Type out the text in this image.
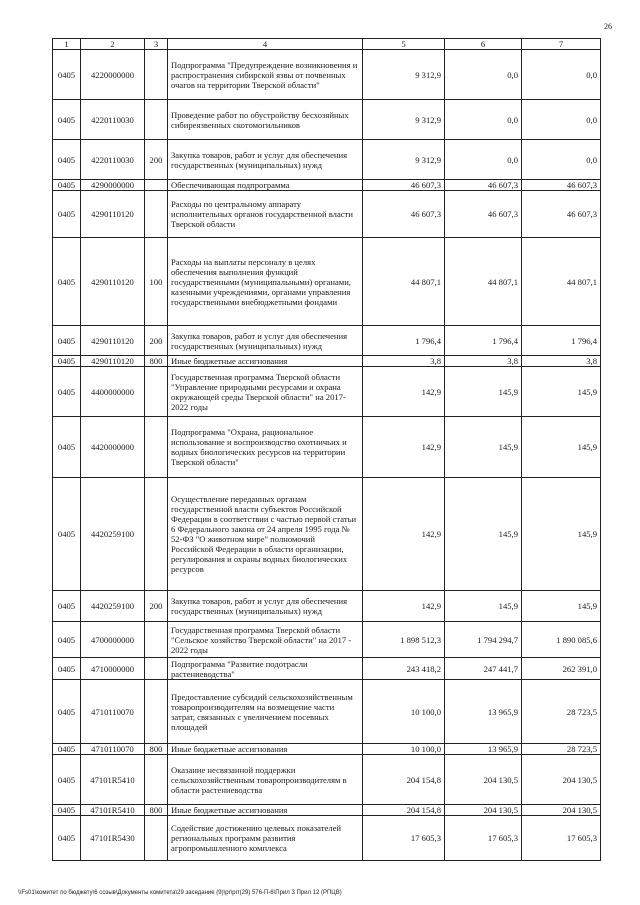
26
1	2	3	4	5	6	7
0405	4220000000		Подпрограмма "Предупреждение возникновения и распространения сибирской язвы от почвенных очагов на территории Тверской области"	9 312,9	0,0	0,0
0405	4220110030		Проведение работ по обустройству бесхозяйных сибиреязвенных скотомогильников	9 312,9	0,0	0,0
0405	4220110030	200	Закупка товаров, работ и услуг для обеспечения государственных (муниципальных) нужд	9 312,9	0,0	0,0
0405	4290000000		Обеспечивающая подпрограмма	46 607,3	46 607,3	46 607,3
0405	4290110120		Расходы по центральному аппарату исполнительных органов государственной власти Тверской области	46 607,3	46 607,3	46 607,3
0405	4290110120	100	Расходы на выплаты персоналу в целях обеспечения выполнения функций государственными (муниципальными) органами, казенными учреждениями, органами управления государственными внебюджетными фондами	44 807,1	44 807,1	44 807,1
0405	4290110120	200	Закупка товаров, работ и услуг для обеспечения государственных (муниципальных) нужд	1 796,4	1 796,4	1 796,4
0405	4290110120	800	Иные бюджетные ассигнования	3,8	3,8	3,8
0405	4400000000		Государственная программа Тверской области "Управление природными ресурсами и охрана окружающей среды Тверской области" на 2017-2022 годы	142,9	145,9	145,9
0405	4420000000		Подпрограмма "Охрана, рациональное использование и воспроизводство охотничьих и водных биологических ресурсов на территории Тверской области"	142,9	145,9	145,9
0405	4420259100		Осуществление переданных органам государственной власти субъектов Российской Федерации в соответствии с частью первой статьи 6 Федерального закона от 24 апреля 1995 года № 52-ФЗ "О животном мире" полномочий Российской Федерации в области организации, регулирования и охраны водных биологических ресурсов	142,9	145,9	145,9
0405	4420259100	200	Закупка товаров, работ и услуг для обеспечения государственных (муниципальных) нужд	142,9	145,9	145,9
0405	4700000000		Государственная программа Тверской области "Сельское хозяйство Тверской области" на 2017 - 2022 годы	1 898 512,3	1 794 294,7	1 890 085,6
0405	4710000000		Подпрограмма "Развитие подотрасли растениеводства"	243 418,2	247 441,7	262 391,0
0405	4710110070		Предоставление субсидий сельскохозяйственным товаропроизводителям на возмещение части затрат, связанных с увеличением посевных площадей	10 100,0	13 965,9	28 723,5
0405	4710110070	800	Иные бюджетные ассигнования	10 100,0	13 965,9	28 723,5
0405	47101R5410		Оказание несвязанной поддержки сельскохозяйственным товаропроизводителям в области растениеводства	204 154,8	204 130,5	204 130,5
0405	47101R5410	800	Иные бюджетные ассигнования	204 154,8	204 130,5	204 130,5
0405	47101R5430		Содействие достижению целевых показателей региональных программ развития агропромышленного комплекса	17 605,3	17 605,3	17 605,3
\\Fs01\комитет по бюджету\6 созыв\Документы комитета\29 заседание (9)\pr\prr(29) 576-П-6\Прил 3 Прил 12 (РПЦВ)
